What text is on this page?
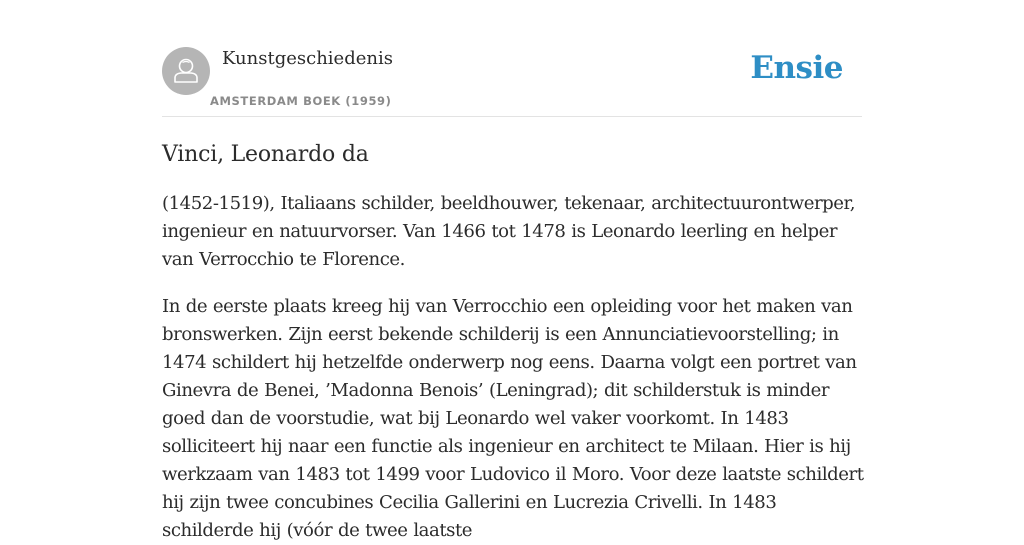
Kunstgeschiedenis
AMSTERDAM BOEK (1959)
Ensie
Vinci, Leonardo da

(1452-1519), Italiaans schilder, beeldhouwer, tekenaar, architectuurontwerper, ingenieur en natuurvorser. Van 1466 tot 1478 is Leonardo leerling en helper van Verrocchio te Florence.

In de eerste plaats kreeg hij van Verrocchio een opleiding voor het maken van bronswerken. Zijn eerst bekende schilderij is een Annunciatievoorstelling; in 1474 schildert hij hetzelfde onderwerp nog eens. Daarna volgt een portret van Ginevra de Benei, ’Madonna Benois’ (Leningrad); dit schilderstuk is minder goed dan de voorstudie, wat bij Leonardo wel vaker voorkomt. In 1483 solliciteert hij naar een functie als ingenieur en architect te Milaan. Hier is hij werkzaam van 1483 tot 1499 voor Ludovico il Moro. Voor deze laatste schildert hij zijn twee concubines Cecilia Gallerini en Lucrezia Crivelli. In 1483 schilderde hij (vóór de twee laatste
